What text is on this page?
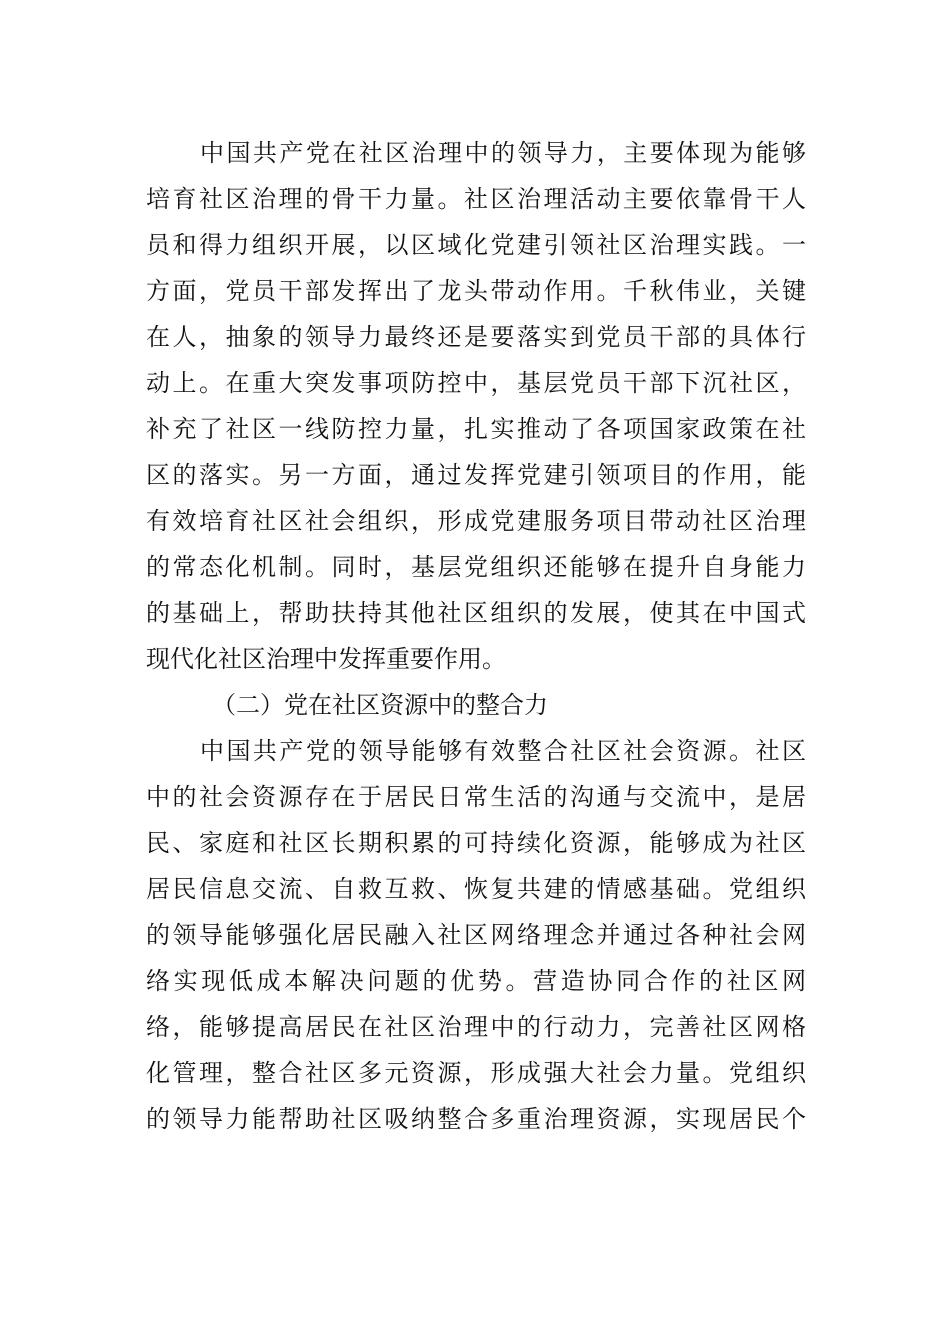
中国共产党在社区治理中的领导力，主要体现为能够
培育社区治理的骨干力量。社区治理活动主要依靠骨干人
员和得力组织开展，以区域化党建引领社区治理实践。一
方面，党员干部发挥出了龙头带动作用。千秋伟业，关键
在人，抽象的领导力最终还是要落实到党员干部的具体行
动上。在重大突发事项防控中，基层党员干部下沉社区，
补充了社区一线防控力量，扎实推动了各项国家政策在社
区的落实。另一方面，通过发挥党建引领项目的作用，能
有效培育社区社会组织，形成党建服务项目带动社区治理
的常态化机制。同时，基层党组织还能够在提升自身能力
的基础上，帮助扶持其他社区组织的发展，使其在中国式
现代化社区治理中发挥重要作用。
（二）党在社区资源中的整合力
中国共产党的领导能够有效整合社区社会资源。社区
中的社会资源存在于居民日常生活的沟通与交流中，是居
民、家庭和社区长期积累的可持续化资源，能够成为社区
居民信息交流、自救互救、恢复共建的情感基础。党组织
的领导能够强化居民融入社区网络理念并通过各种社会网
络实现低成本解决问题的优势。营造协同合作的社区网
络，能够提高居民在社区治理中的行动力，完善社区网格
化管理，整合社区多元资源，形成强大社会力量。党组织
的领导力能帮助社区吸纳整合多重治理资源，实现居民个
